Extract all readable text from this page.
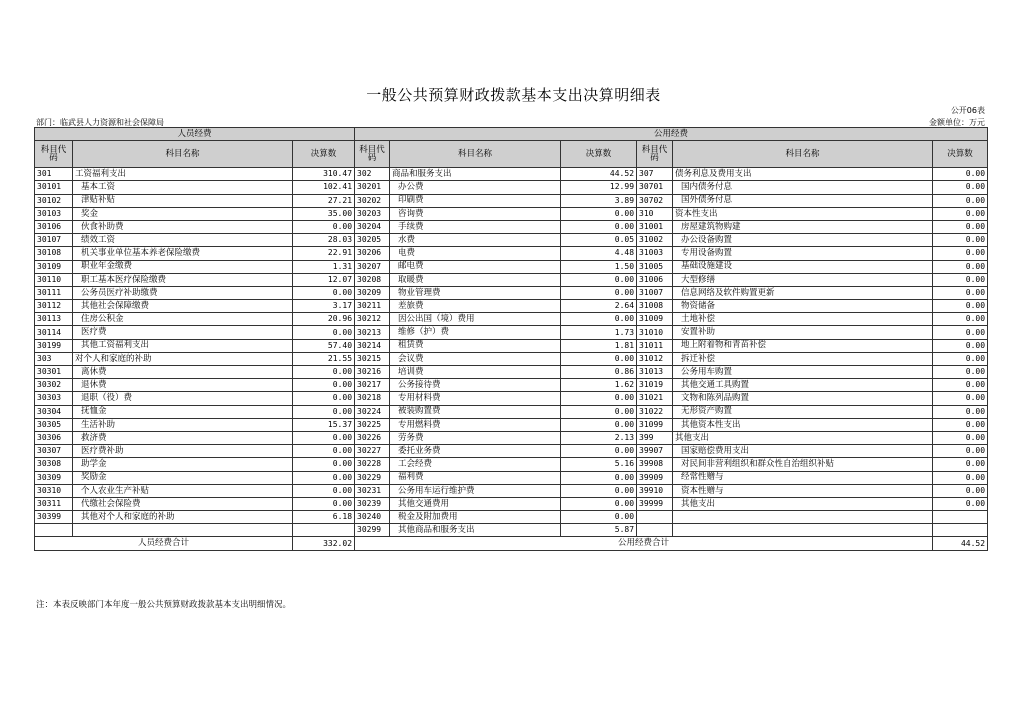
一般公共预算财政拨款基本支出决算明细表
公开06表
部门：临武县人力资源和社会保障局	金额单位：万元
人员经费			公用经费					
科目代码	科目名称	决算数	科目代码	科目名称	决算数	科目代码	科目名称	决算数
301	工资福利支出	310.47	302	商品和服务支出	44.52	307	债务利息及费用支出	0.00
30101	基本工资	102.41	30201	办公费	12.99	30701	国内债务付息	0.00
30102	津贴补贴	27.21	30202	印刷费	3.89	30702	国外债务付息	0.00
30103	奖金	35.00	30203	咨询费	0.00	310	资本性支出	0.00
30106	伙食补助费	0.00	30204	手续费	0.00	31001	房屋建筑物购建	0.00
30107	绩效工资	28.03	30205	水费	0.05	31002	办公设备购置	0.00
30108	机关事业单位基本养老保险缴费	22.91	30206	电费	4.48	31003	专用设备购置	0.00
30109	职业年金缴费	1.31	30207	邮电费	1.50	31005	基础设施建设	0.00
30110	职工基本医疗保险缴费	12.07	30208	取暖费	0.00	31006	大型修缮	0.00
30111	公务员医疗补助缴费	0.00	30209	物业管理费	0.00	31007	信息网络及软件购置更新	0.00
30112	其他社会保障缴费	3.17	30211	差旅费	2.64	31008	物资储备	0.00
30113	住房公积金	20.96	30212	因公出国（境）费用	0.00	31009	土地补偿	0.00
30114	医疗费	0.00	30213	维修（护）费	1.73	31010	安置补助	0.00
30199	其他工资福利支出	57.40	30214	租赁费	1.81	31011	地上附着物和青苗补偿	0.00
303	对个人和家庭的补助	21.55	30215	会议费	0.00	31012	拆迁补偿	0.00
30301	离休费	0.00	30216	培训费	0.86	31013	公务用车购置	0.00
30302	退休费	0.00	30217	公务接待费	1.62	31019	其他交通工具购置	0.00
30303	退职（役）费	0.00	30218	专用材料费	0.00	31021	文物和陈列品购置	0.00
30304	抚恤金	0.00	30224	被装购置费	0.00	31022	无形资产购置	0.00
30305	生活补助	15.37	30225	专用燃料费	0.00	31099	其他资本性支出	0.00
30306	救济费	0.00	30226	劳务费	2.13	399	其他支出	0.00
30307	医疗费补助	0.00	30227	委托业务费	0.00	39907	国家赔偿费用支出	0.00
30308	助学金	0.00	30228	工会经费	5.16	39908	对民间非营利组织和群众性自治组织补贴	0.00
30309	奖励金	0.00	30229	福利费	0.00	39909	经常性赠与	0.00
30310	个人农业生产补贴	0.00	30231	公务用车运行维护费	0.00	39910	资本性赠与	0.00
30311	代缴社会保险费	0.00	30239	其他交通费用	0.00	39999	其他支出	0.00
30399	其他对个人和家庭的补助	6.18	30240	税金及附加费用	0.00			
			30299	其他商品和服务支出	5.87			
人员经费合计		332.02	公用经费合计					44.52
注：本表反映部门本年度一般公共预算财政拨款基本支出明细情况。
